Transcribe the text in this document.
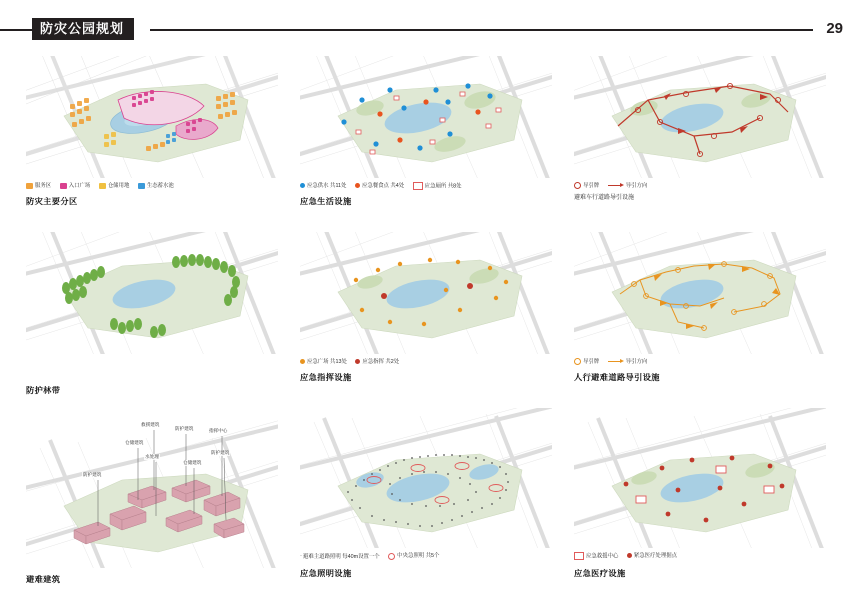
防灾公园规划	29
服务区	入口广场	仓储用地	生态蓄水池
防灾主要分区
应急供水 共11处	应急餐食点 共4处	应急厕所 共8处
应急生活设施
导引牌	导引方向
避难车行道路导引设施
防护林带
应急广场 共13处	应急指挥 共2处
应急指挥设施
导引牌	导引方向
人行避难道路导引设施
救援建筑
防护建筑	指挥中心
仓储建筑
水处理
仓储建筑
防护建筑
防护建筑
避难建筑
·避难主道路照明 每40m设置一个	中央急照明 共5个
应急照明设施
应急救援中心	紧急医疗处理据点
应急医疗设施
